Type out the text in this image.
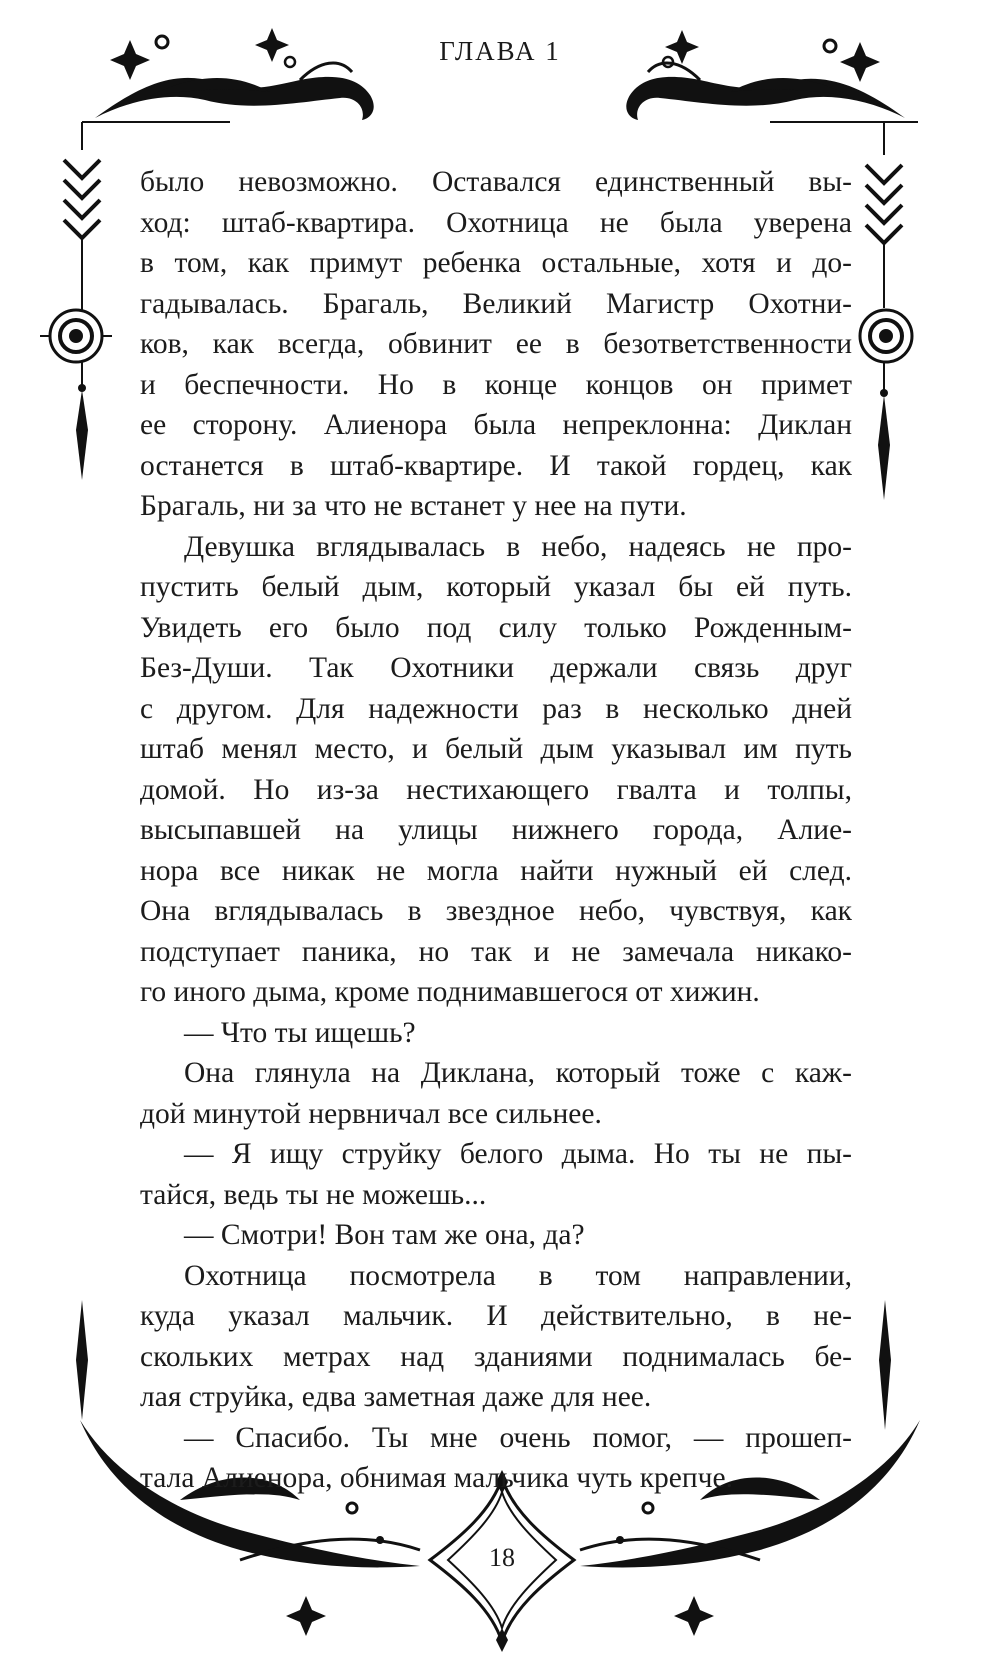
ГЛАВА 1
было невозможно. Оставался единственный вы-
ход: штаб-квартира. Охотница не была уверена
в том, как примут ребенка остальные, хотя и до-
гадывалась. Брагаль, Великий Магистр Охотни-
ков, как всегда, обвинит ее в безответственности
и беспечности. Но в конце концов он примет
ее сторону. Алиенора была непреклонна: Диклан
останется в штаб-квартире. И такой гордец, как
Брагаль, ни за что не встанет у нее на пути.
Девушка вглядывалась в небо, надеясь не про-
пустить белый дым, который указал бы ей путь.
Увидеть его было под силу только Рожденным-
Без-Души. Так Охотники держали связь друг
с другом. Для надежности раз в несколько дней
штаб менял место, и белый дым указывал им путь
домой. Но из-за нестихающего гвалта и толпы,
высыпавшей на улицы нижнего города, Алие-
нора все никак не могла найти нужный ей след.
Она вглядывалась в звездное небо, чувствуя, как
подступает паника, но так и не замечала никако-
го иного дыма, кроме поднимавшегося от хижин.
— Что ты ищешь?
Она глянула на Диклана, который тоже с каж-
дой минутой нервничал все сильнее.
— Я ищу струйку белого дыма. Но ты не пы-
тайся, ведь ты не можешь...
— Смотри! Вон там же она, да?
Охотница посмотрела в том направлении,
куда указал мальчик. И действительно, в не-
скольких метрах над зданиями поднималась бе-
лая струйка, едва заметная даже для нее.
— Спасибо. Ты мне очень помог, — прошеп-
тала Алиенора, обнимая мальчика чуть крепче.
18
